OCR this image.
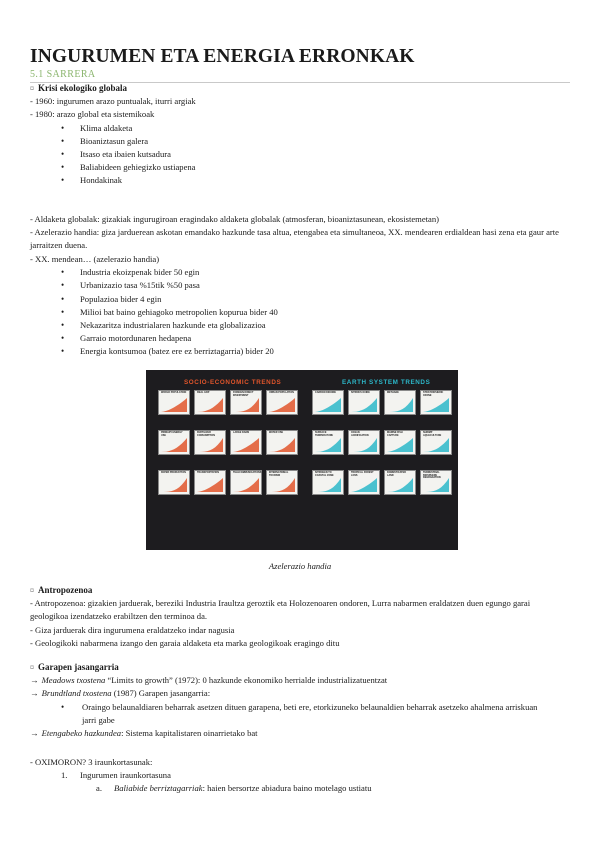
INGURUMEN ETA ENERGIA ERRONKAK
5.1 SARRERA
¤ Krisi ekologiko globala
- 1960: ingurumen arazo puntualak, iturri argiak
- 1980: arazo global eta sistemikoak
• Klima aldaketa
• Bioaniztasun galera
• Itsaso eta ibaien kutsadura
• Baliabideen gehiegizko ustiapena
• Hondakinak
- Aldaketa globalak: gizakiak ingurugiroan eragindako aldaketa globalak (atmosferan, bioaniztasunean, ekosistemetan)
- Azelerazio handia: giza jarduerean askotan emandako hazkunde tasa altua, etengabea eta simultaneoa, XX. mendearen erdialdean hasi zena eta gaur arte jarraitzen duena.
- XX. mendean… (azelerazio handia)
• Industria ekoizpenak bider 50 egin
• Urbanizazio tasa %15tik %50 pasa
• Populazioa bider 4 egin
• Milioi bat baino gehiagoko metropolien kopurua bider 40
• Nekazaritza industrialaren hazkunde eta globalizazioa
• Garraio motordunaren hedapena
• Energia kontsumoa (batez ere ez berriztagarria) bider 20
SOCIO-ECONOMIC TRENDS	EARTH SYSTEM TRENDS
WORLD POPULATION	REAL GDP	FOREIGN DIRECT INVESTMENT
URBAN POPULATION
PRIMARY ENERGY USE
FERTILIZER CONSUMPTION
LARGE DAMS	WATER USE
PAPER PRODUCTION	TRANSPORTATION	TELECOMMUNICATIONS	INTERNATIONAL TOURISM
CARBON DIOXIDE	NITROUS OXIDE	METHANE	STRATOSPHERIC OZONE
SURFACE TEMPERATURE
OCEAN ACIDIFICATION
MARINE FISH CAPTURE
SHRIMP AQUACULTURE
NITROGEN TO COASTAL ZONE
TROPICAL FOREST LOSS
DOMESTICATED LAND
TERRESTRIAL BIOSPHERE DEGRADATION
Azelerazio handia
¤ Antropozenoa
- Antropozenoa: gizakien jarduerak, bereziki Industria Iraultza geroztik eta Holozenoaren ondoren, Lurra nabarmen eraldatzen duen egungo garai geologikoa izendatzeko erabiltzen den terminoa da.
- Giza jarduerak dira ingurumena eraldatzeko indar nagusia
- Geologikoki nabarmena izango den garaia aldaketa eta marka geologikoak eragingo ditu
¤ Garapen jasangarria
→ Meadows txostena “Limits to growth” (1972): 0 hazkunde ekonomiko herrialde industrializatuentzat
→ Brundtland txostena (1987) Garapen jasangarria:
• Oraingo belaunaldiaren beharrak asetzen dituen garapena, beti ere, etorkizuneko belaunaldien beharrak asetzeko ahalmena arriskuan jarri gabe
→ Etengabeko hazkundea: Sistema kapitalistaren oinarrietako bat
- OXIMORON? 3 iraunkortasunak:
1. Ingurumen iraunkortasuna
a. Baliabide berriztagarriak: haien bersortze abiadura baino motelago ustiatu
